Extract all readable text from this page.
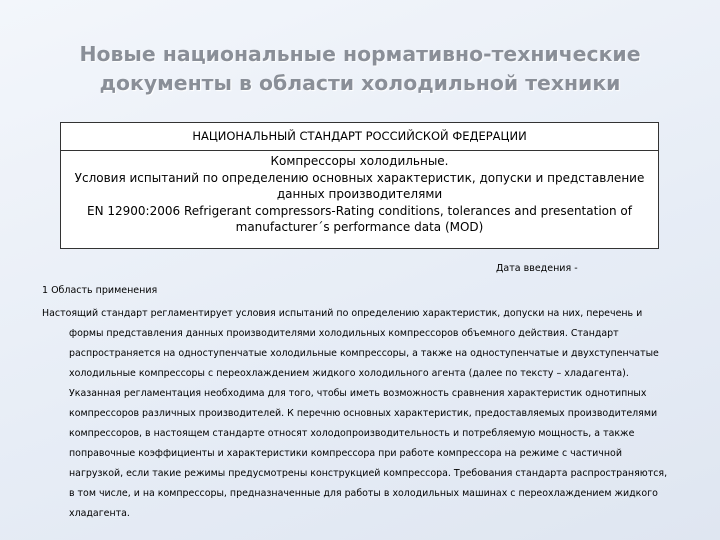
Новые национальные нормативно-технические
документы в области холодильной техники
НАЦИОНАЛЬНЫЙ СТАНДАРТ РОССИЙСКОЙ ФЕДЕРАЦИИ
Компрессоры холодильные.
Условия испытаний по определению основных характеристик, допуски и представление
данных производителями
EN 12900:2006 Refrigerant compressors-Rating conditions, tolerances and presentation of
manufacturer´s performance data (MOD)
Дата введения -
1 Область применения
Настоящий стандарт регламентирует условия испытаний по определению характеристик, допуски на них, перечень и
формы представления данных производителями холодильных компрессоров объемного действия. Стандарт
распространяется на одноступенчатые холодильные компрессоры, а также на одноступенчатые и двухступенчатые
холодильные компрессоры с переохлаждением жидкого холодильного агента (далее по тексту – хладагента).
Указанная регламентация необходима для того, чтобы иметь возможность сравнения характеристик однотипных
компрессоров различных производителей. К перечню основных характеристик, предоставляемых производителями
компрессоров, в настоящем стандарте относят холодопроизводительность и потребляемую мощность, а также
поправочные коэффициенты и характеристики компрессора при работе компрессора на режиме с частичной
нагрузкой, если такие режимы предусмотрены конструкцией компрессора. Требования стандарта распространяются,
в том числе, и на компрессоры, предназначенные для работы в холодильных машинах с переохлаждением жидкого
хладагента.
